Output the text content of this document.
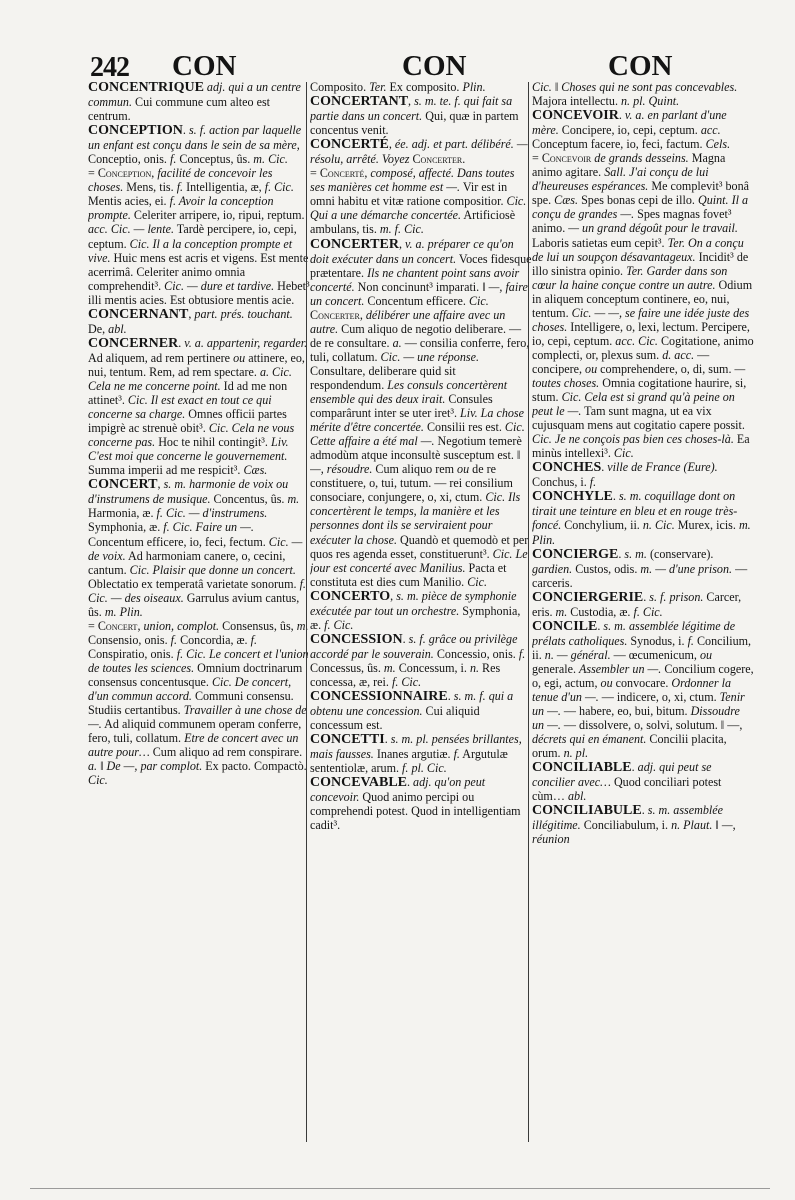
242 CON	CON	CON

CONCENTRIQUE adj. qui a un centre commun. Cui commune cum alteo est centrum.

CONCEPTION. s. f. action par laquelle un enfant est conçu dans le sein de sa mère, Conceptio, onis. f. Conceptus, ûs. m. Cic.

= Conception, facilité de concevoir les choses. Mens, tis. f. Intelligentia, æ, f. Cic. Mentis acies, ei. f. Avoir la conception prompte. Celeriter arripere, io, ripui, reptum. acc. Cic. — lente. Tardè percipere, io, cepi, ceptum. Cic. Il a la conception prompte et vive. Huic mens est acris et vigens. Est mente acerrimâ. Celeriter animo omnia comprehendit³. Cic. — dure et tardive. Hebet³ illi mentis acies. Est obtusiore mentis acie.

CONCERNANT, part. prés. touchant. De, abl.

CONCERNER. v. a. appartenir, regarder. Ad aliquem, ad rem pertinere ou attinere, eo, nui, tentum. Rem, ad rem spectare. a. Cic. Cela ne me concerne point. Id ad me non attinet³. Cic. Il est exact en tout ce qui concerne sa charge. Omnes officii partes impigrè ac strenuè obit³. Cic. Cela ne vous concerne pas. Hoc te nihil contingit³. Liv. C'est moi que concerne le gouvernement. Summa imperii ad me respicit³. Cæs.

CONCERT, s. m. harmonie de voix ou d'instrumens de musique. Concentus, ûs. m. Harmonia, æ. f. Cic. — d'instrumens. Symphonia, æ. f. Cic. Faire un —. Concentum efficere, io, feci, fectum. Cic. — de voix. Ad harmoniam canere, o, cecini, cantum. Cic. Plaisir que donne un concert. Oblectatio ex temperatâ varietate sonorum. f. Cic. — des oiseaux. Garrulus avium cantus, ûs. m. Plin.

= Concert, union, complot. Consensus, ûs, m. Consensio, onis. f. Concordia, æ. f. Conspiratio, onis. f. Cic. Le concert et l'union de toutes les sciences. Omnium doctrinarum consensus concentusque. Cic. De concert, d'un commun accord. Communi consensu. Studiis certantibus. Travailler à une chose de —. Ad aliquid communem operam conferre, fero, tuli, collatum. Etre de concert avec un autre pour… Cum aliquo ad rem conspirare. a. ‖ De —, par complot. Ex pacto. Compactò. Cic.

Composito. Ter. Ex composito. Plin.

CONCERTANT, s. m. te. f. qui fait sa partie dans un concert. Qui, quæ in partem concentus venit.

CONCERTÉ, ée. adj. et part. délibéré. — résolu, arrêté. Voyez Concerter.

= Concerté, composé, affecté. Dans toutes ses manières cet homme est —. Vir est in omni habitu et vitæ ratione compositior. Cic. Qui a une démarche concertée. Artificiosè ambulans, tis. m. f. Cic.

CONCERTER, v. a. préparer ce qu'on doit exécuter dans un concert. Voces fidesque prætentare. Ils ne chantent point sans avoir concerté. Non concinunt³ imparati. ‖ —, faire un concert. Concentum efficere. Cic.

Concerter, délibérer une affaire avec un autre. Cum aliquo de negotio deliberare. — de re consultare. a. — consilia conferre, fero, tuli, collatum. Cic. — une réponse. Consultare, deliberare quid sit respondendum. Les consuls concertèrent ensemble qui des deux irait. Consules comparârunt inter se uter iret³. Liv. La chose mérite d'être concertée. Consilii res est. Cic. Cette affaire a été mal —. Negotium temerè admodùm atque inconsultè susceptum est. ‖ —, résoudre. Cum aliquo rem ou de re constituere, o, tui, tutum. — rei consilium consociare, conjungere, o, xi, ctum. Cic. Ils concertèrent le temps, la manière et les personnes dont ils se serviraient pour exécuter la chose. Quandò et quemodò et per quos res agenda esset, constituerunt³. Cic. Le jour est concerté avec Manilius. Pacta et constituta est dies cum Manilio. Cic.

CONCERTO, s. m. pièce de symphonie exécutée par tout un orchestre. Symphonia, æ. f. Cic.

CONCESSION. s. f. grâce ou privilège accordé par le souverain. Concessio, onis. f. Concessus, ûs. m. Concessum, i. n. Res concessa, æ, rei. f. Cic.

CONCESSIONNAIRE. s. m. f. qui a obtenu une concession. Cui aliquid concessum est.

CONCETTI. s. m. pl. pensées brillantes, mais fausses. Inanes argutiæ. f. Argutulæ sententiolæ, arum. f. pl. Cic.

CONCEVABLE. adj. qu'on peut concevoir. Quod animo percipi ou comprehendi potest. Quod in intelligentiam cadit³.

Cic. ‖ Choses qui ne sont pas concevables. Majora intellectu. n. pl. Quint.

CONCEVOIR. v. a. en parlant d'une mère. Concipere, io, cepi, ceptum. acc. Conceptum facere, io, feci, factum. Cels.

= Concevoir de grands desseins. Magna animo agitare. Sall. J'ai conçu de lui d'heureuses espérances. Me complevit³ bonâ spe. Cæs. Spes bonas cepi de illo. Quint. Il a conçu de grandes —. Spes magnas fovet³ animo. — un grand dégoût pour le travail. Laboris satietas eum cepit³. Ter. On a conçu de lui un soupçon désavantageux. Incidit³ de illo sinistra opinio. Ter. Garder dans son cœur la haine conçue contre un autre. Odium in aliquem conceptum continere, eo, nui, tentum. Cic. — —, se faire une idée juste des choses. Intelligere, o, lexi, lectum. Percipere, io, cepi, ceptum. acc. Cic. Cogitatione, animo complecti, or, plexus sum. d. acc. — concipere, ou comprehendere, o, di, sum. — toutes choses. Omnia cogitatione haurire, si, stum. Cic. Cela est si grand qu'à peine on peut le —. Tam sunt magna, ut ea vix cujusquam mens aut cogitatio capere possit. Cic. Je ne conçois pas bien ces choses-là. Ea minùs intellexi³. Cic.

CONCHES. ville de France (Eure). Conchus, i. f.

CONCHYLE. s. m. coquillage dont on tirait une teinture en bleu et en rouge très-foncé. Conchylium, ii. n. Cic. Murex, icis. m. Plin.

CONCIERGE. s. m. (conservare). gardien. Custos, odis. m. — d'une prison. — carceris.

CONCIERGERIE. s. f. prison. Carcer, eris. m. Custodia, æ. f. Cic.

CONCILE. s. m. assemblée légitime de prélats catholiques. Synodus, i. f. Concilium, ii. n. — général. — œcumenicum, ou generale. Assembler un —. Concilium cogere, o, egi, actum, ou convocare. Ordonner la tenue d'un —. — indicere, o, xi, ctum. Tenir un —. — habere, eo, bui, bitum. Dissoudre un —. — dissolvere, o, solvi, solutum. ‖ —, décrets qui en émanent. Concilii placita, orum. n. pl.

CONCILIABLE. adj. qui peut se concilier avec… Quod conciliari potest cùm… abl.

CONCILIABULE. s. m. assemblée illégitime. Conciliabulum, i. n. Plaut. ‖ —, réunion
